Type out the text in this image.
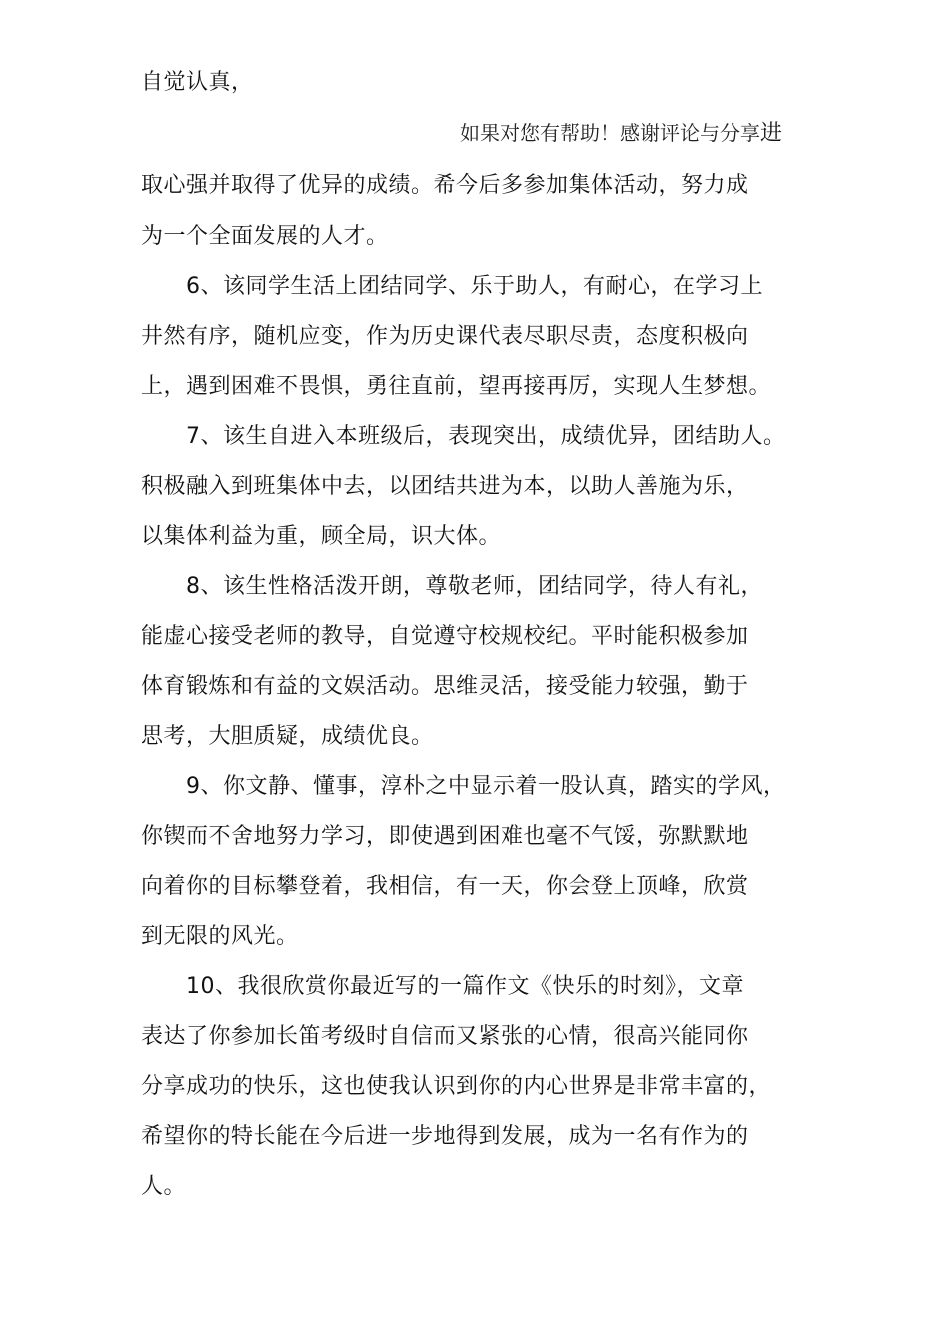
自觉认真，
如果对您有帮助！感谢评论与分享进
取心强并取得了优异的成绩。希今后多参加集体活动，努力成
为一个全面发展的人才。
6、该同学生活上团结同学、乐于助人，有耐心，在学习上
井然有序，随机应变，作为历史课代表尽职尽责，态度积极向
上，遇到困难不畏惧，勇往直前，望再接再厉，实现人生梦想。
7、该生自进入本班级后，表现突出，成绩优异，团结助人。
积极融入到班集体中去，以团结共进为本，以助人善施为乐，
以集体利益为重，顾全局，识大体。
8、该生性格活泼开朗，尊敬老师，团结同学，待人有礼，
能虚心接受老师的教导，自觉遵守校规校纪。平时能积极参加
体育锻炼和有益的文娱活动。思维灵活，接受能力较强，勤于
思考，大胆质疑，成绩优良。
9、你文静、懂事，淳朴之中显示着一股认真，踏实的学风，
你锲而不舍地努力学习，即使遇到困难也毫不气馁，弥默默地
向着你的目标攀登着，我相信，有一天，你会登上顶峰，欣赏
到无限的风光。
10、我很欣赏你最近写的一篇作文《快乐的时刻》，文章
表达了你参加长笛考级时自信而又紧张的心情，很高兴能同你
分享成功的快乐，这也使我认识到你的内心世界是非常丰富的，
希望你的特长能在今后进一步地得到发展，成为一名有作为的
人。
